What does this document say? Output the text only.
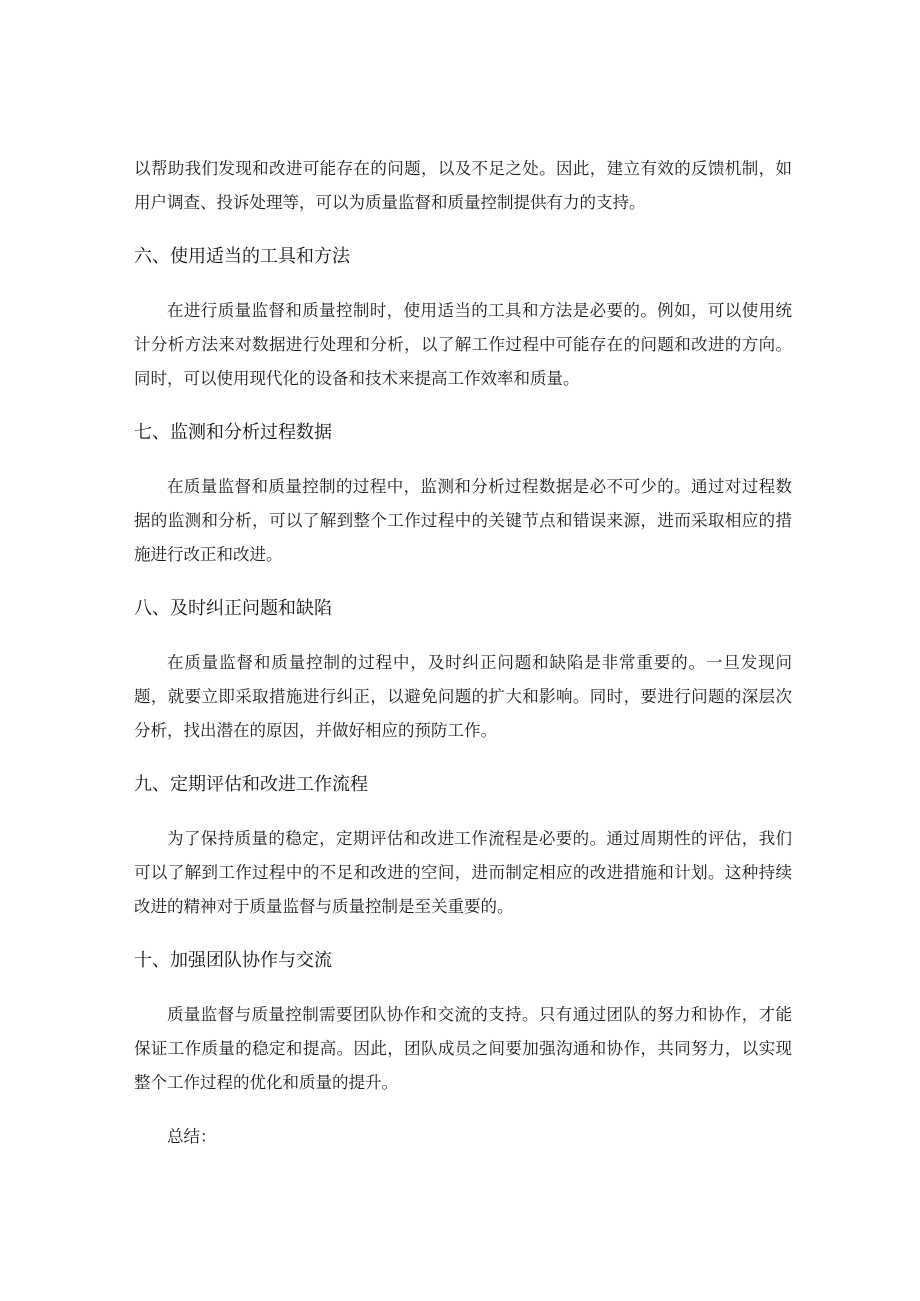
以帮助我们发现和改进可能存在的问题，以及不足之处。因此，建立有效的反馈机制，如用户调查、投诉处理等，可以为质量监督和质量控制提供有力的支持。

六、使用适当的工具和方法

在进行质量监督和质量控制时，使用适当的工具和方法是必要的。例如，可以使用统计分析方法来对数据进行处理和分析，以了解工作过程中可能存在的问题和改进的方向。同时，可以使用现代化的设备和技术来提高工作效率和质量。

七、监测和分析过程数据

在质量监督和质量控制的过程中，监测和分析过程数据是必不可少的。通过对过程数据的监测和分析，可以了解到整个工作过程中的关键节点和错误来源，进而采取相应的措施进行改正和改进。

八、及时纠正问题和缺陷

在质量监督和质量控制的过程中，及时纠正问题和缺陷是非常重要的。一旦发现问题，就要立即采取措施进行纠正，以避免问题的扩大和影响。同时，要进行问题的深层次分析，找出潜在的原因，并做好相应的预防工作。

九、定期评估和改进工作流程

为了保持质量的稳定，定期评估和改进工作流程是必要的。通过周期性的评估，我们可以了解到工作过程中的不足和改进的空间，进而制定相应的改进措施和计划。这种持续改进的精神对于质量监督与质量控制是至关重要的。

十、加强团队协作与交流

质量监督与质量控制需要团队协作和交流的支持。只有通过团队的努力和协作，才能保证工作质量的稳定和提高。因此，团队成员之间要加强沟通和协作，共同努力，以实现整个工作过程的优化和质量的提升。

总结：
